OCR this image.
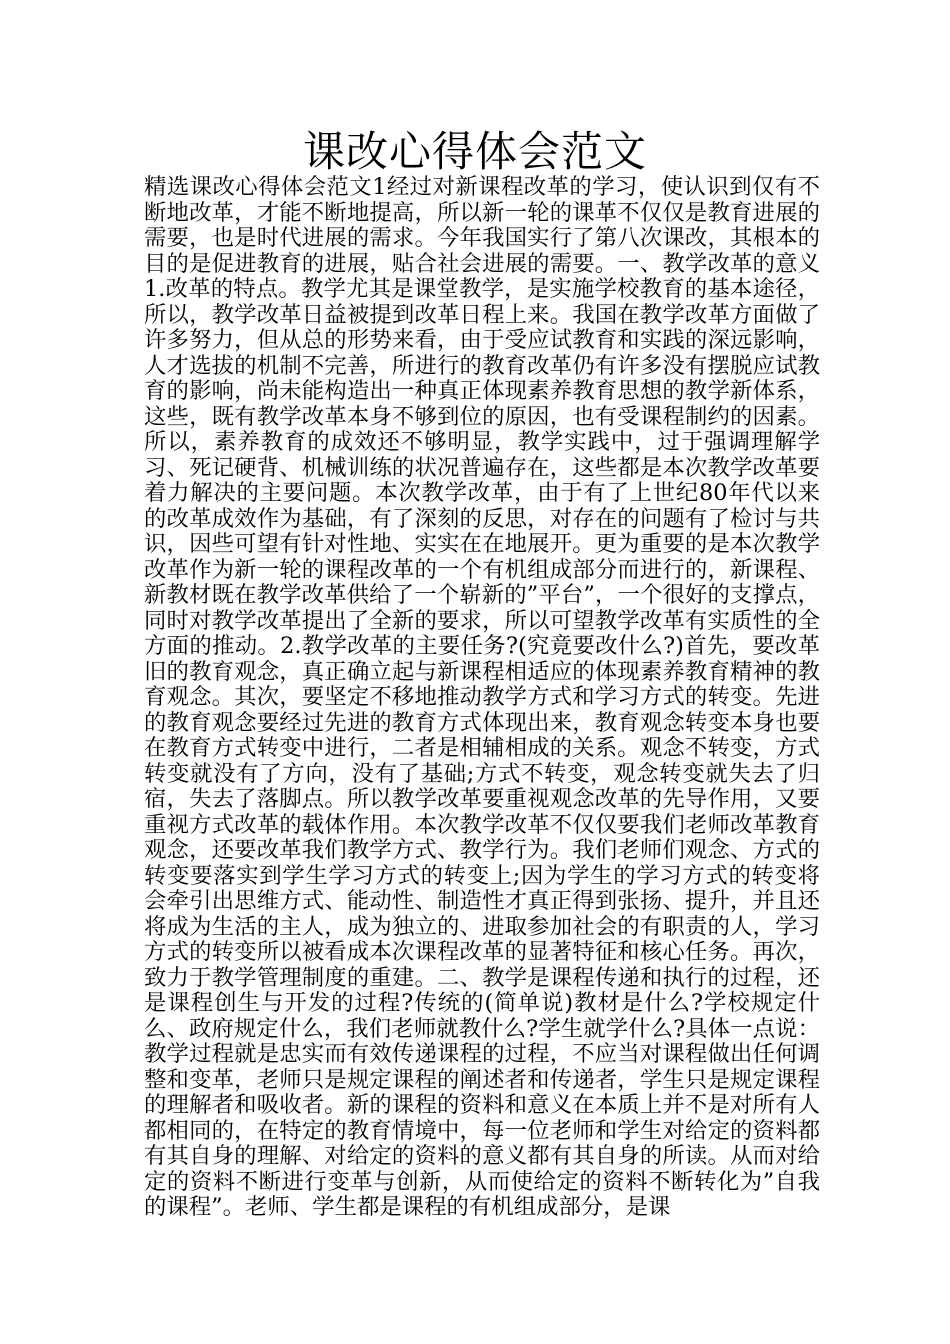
课改心得体会范文

精选课改心得体会范文1经过对新课程改革的学习，使认识到仅有不断地改革，才能不断地提高，所以新一轮的课革不仅仅是教育进展的需要，也是时代进展的需求。今年我国实行了第八次课改，其根本的目的是促进教育的进展，贴合社会进展的需要。一、教学改革的意义1.改革的特点。教学尤其是课堂教学，是实施学校教育的基本途径，所以，教学改革日益被提到改革日程上来。我国在教学改革方面做了许多努力，但从总的形势来看，由于受应试教育和实践的深远影响，人才选拔的机制不完善，所进行的教育改革仍有许多没有摆脱应试教育的影响，尚未能构造出一种真正体现素养教育思想的教学新体系，这些，既有教学改革本身不够到位的原因，也有受课程制约的因素。所以，素养教育的成效还不够明显，教学实践中，过于强调理解学习、死记硬背、机械训练的状况普遍存在，这些都是本次教学改革要着力解决的主要问题。本次教学改革，由于有了上世纪80年代以来的改革成效作为基础，有了深刻的反思，对存在的问题有了检讨与共识，因些可望有针对性地、实实在在地展开。更为重要的是本次教学改革作为新一轮的课程改革的一个有机组成部分而进行的，新课程、新教材既在教学改革供给了一个崭新的”平台”，一个很好的支撑点，同时对教学改革提出了全新的要求，所以可望教学改革有实质性的全方面的推动。2.教学改革的主要任务?(究竟要改什么?)首先，要改革旧的教育观念，真正确立起与新课程相适应的体现素养教育精神的教育观念。其次，要坚定不移地推动教学方式和学习方式的转变。先进的教育观念要经过先进的教育方式体现出来，教育观念转变本身也要在教育方式转变中进行，二者是相辅相成的关系。观念不转变，方式转变就没有了方向，没有了基础;方式不转变，观念转变就失去了归宿，失去了落脚点。所以教学改革要重视观念改革的先导作用，又要重视方式改革的载体作用。本次教学改革不仅仅要我们老师改革教育观念，还要改革我们教学方式、教学行为。我们老师们观念、方式的转变要落实到学生学习方式的转变上;因为学生的学习方式的转变将会牵引出思维方式、能动性、制造性才真正得到张扬、提升，并且还将成为生活的主人，成为独立的、进取参加社会的有职责的人，学习方式的转变所以被看成本次课程改革的显著特征和核心任务。再次，致力于教学管理制度的重建。二、教学是课程传递和执行的过程，还是课程创生与开发的过程?传统的(简单说)教材是什么?学校规定什么、政府规定什么，我们老师就教什么?学生就学什么?具体一点说：教学过程就是忠实而有效传递课程的过程，不应当对课程做出任何调整和变革，老师只是规定课程的阐述者和传递者，学生只是规定课程的理解者和吸收者。新的课程的资料和意义在本质上并不是对所有人都相同的，在特定的教育情境中，每一位老师和学生对给定的资料都有其自身的理解、对给定的资料的意义都有其自身的所读。从而对给定的资料不断进行变革与创新，从而使给定的资料不断转化为”自我的课程”。老师、学生都是课程的有机组成部分，是课
